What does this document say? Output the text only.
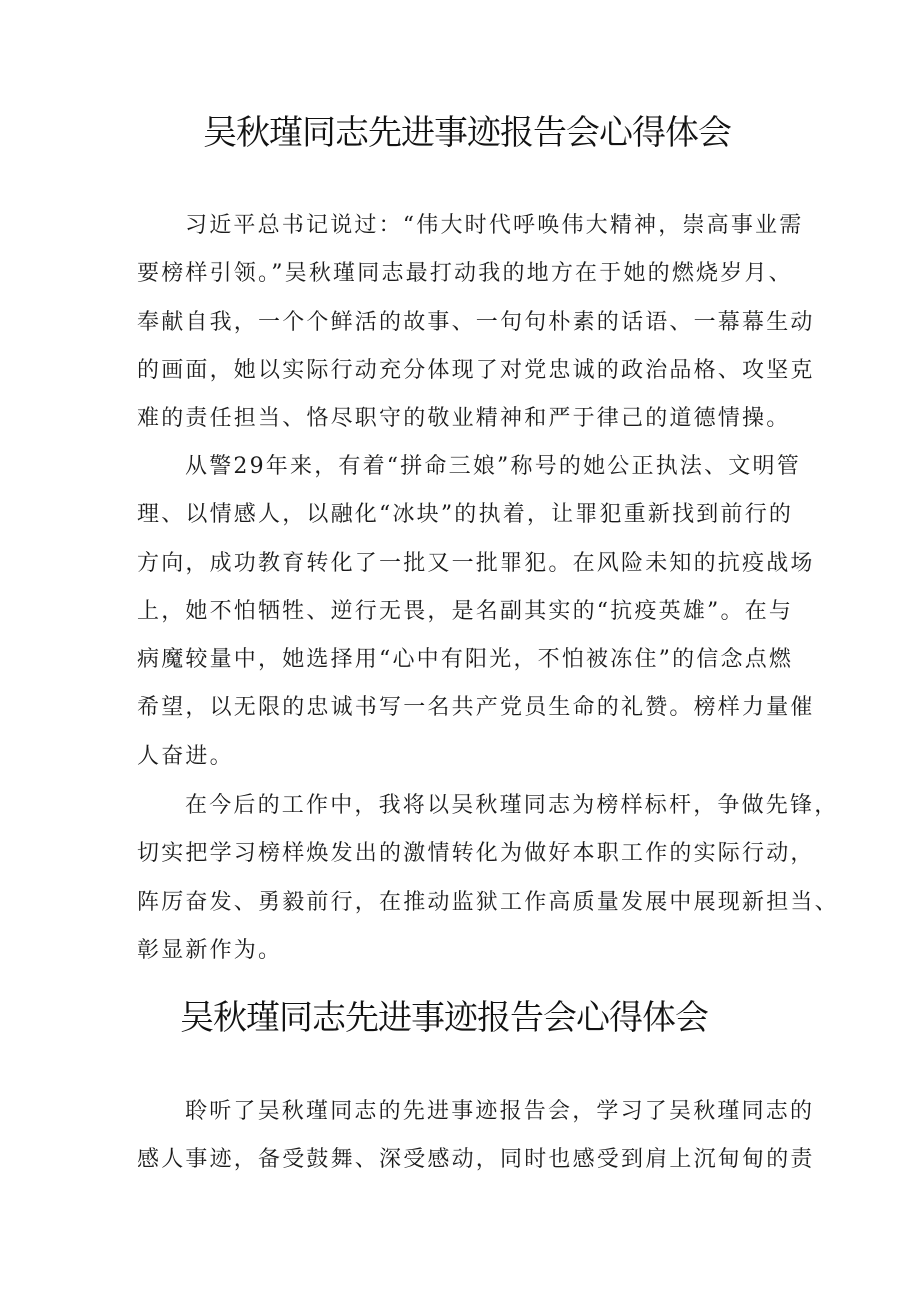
吴秋瑾同志先进事迹报告会心得体会
习近平总书记说过：“伟大时代呼唤伟大精神，崇高事业需
要榜样引领。”吴秋瑾同志最打动我的地方在于她的燃烧岁月、
奉献自我，一个个鲜活的故事、一句句朴素的话语、一幕幕生动
的画面，她以实际行动充分体现了对党忠诚的政治品格、攻坚克
难的责任担当、恪尽职守的敬业精神和严于律己的道德情操。
从警29年来，有着“拼命三娘”称号的她公正执法、文明管
理、以情感人，以融化“冰块”的执着，让罪犯重新找到前行的
方向，成功教育转化了一批又一批罪犯。在风险未知的抗疫战场
上，她不怕牺牲、逆行无畏，是名副其实的“抗疫英雄”。在与
病魔较量中，她选择用“心中有阳光，不怕被冻住”的信念点燃
希望，以无限的忠诚书写一名共产党员生命的礼赞。榜样力量催
人奋进。
在今后的工作中，我将以吴秋瑾同志为榜样标杆，争做先锋，
切实把学习榜样焕发出的激情转化为做好本职工作的实际行动，
阵厉奋发、勇毅前行，在推动监狱工作高质量发展中展现新担当、
彰显新作为。
吴秋瑾同志先进事迹报告会心得体会
聆听了吴秋瑾同志的先进事迹报告会，学习了吴秋瑾同志的
感人事迹，备受鼓舞、深受感动，同时也感受到肩上沉甸甸的责
